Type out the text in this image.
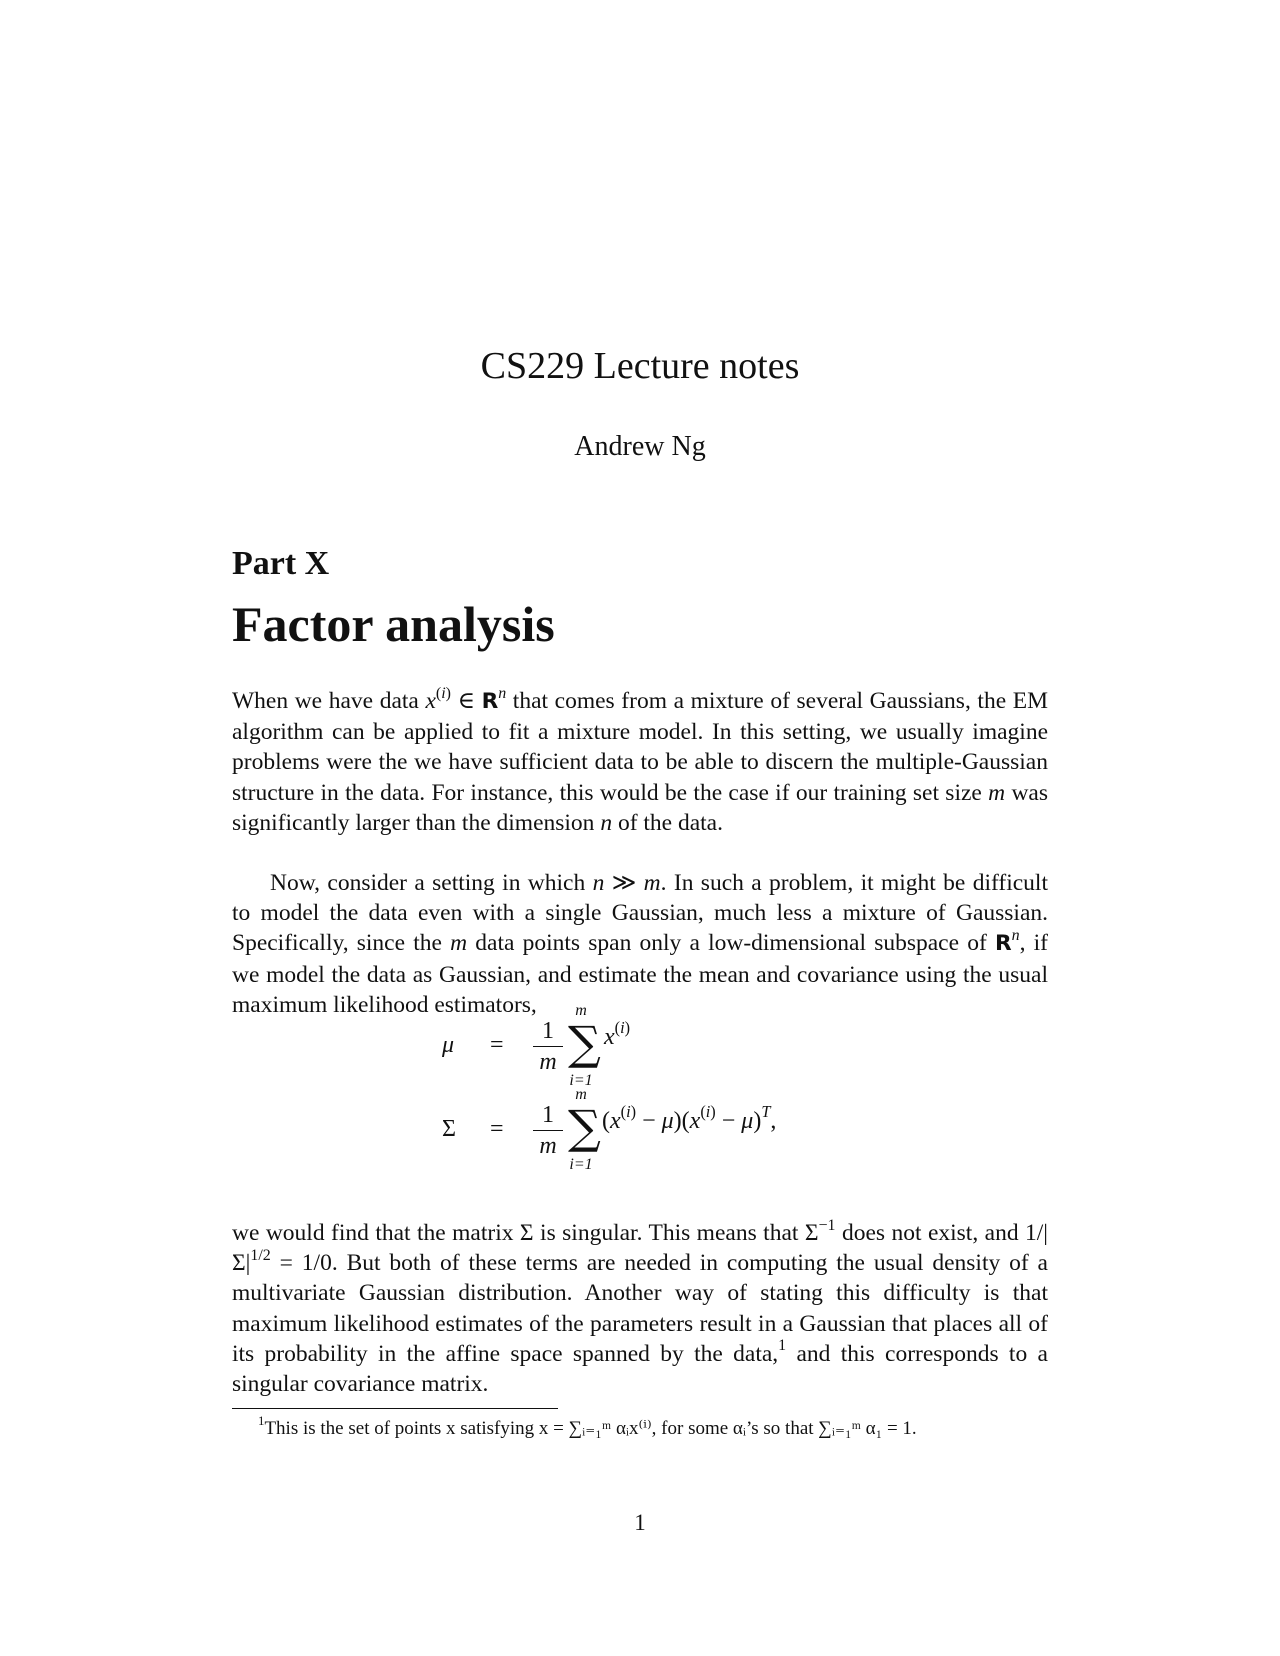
CS229 Lecture notes
Andrew Ng
Part X
Factor analysis
When we have data $x^{(i)}$ ∈ $R^n$ that comes from a mixture of several Gaussians, the EM algorithm can be applied to fit a mixture model. In this setting, we usually imagine problems were the we have sufficient data to be able to discern the multiple-Gaussian structure in the data. For instance, this would be the case if our training set size m was significantly larger than the dimension n of the data.
Now, consider a setting in which n ≫ m. In such a problem, it might be difficult to model the data even with a single Gaussian, much less a mixture of Gaussian. Specifically, since the m data points span only a low-dimensional subspace of $R^n$, if we model the data as Gaussian, and estimate the mean and covariance using the usual maximum likelihood estimators,
μ =
1
m
m
∑
i=1
$x^{(i)}$
Σ =
1
m
m
∑
i=1
$(x^{(i)} - \mu)(x^{(i)} - \mu)^T$,
we would find that the matrix Σ is singular. This means that $\Sigma^{-1}$ does not exist, and $1/|\Sigma|^{1/2} = 1/0$. But both of these terms are needed in computing the usual density of a multivariate Gaussian distribution. Another way of stating this difficulty is that maximum likelihood estimates of the parameters result in a Gaussian that places all of its probability in the affine space spanned by the data,$^1$ and this corresponds to a singular covariance matrix.
$^1$This is the set of points x satisfying x = ∑ᵢ₌₁ᵐ αᵢx⁽ⁱ⁾, for some αᵢ’s so that ∑ᵢ₌₁ᵐ α₁ = 1.
1
